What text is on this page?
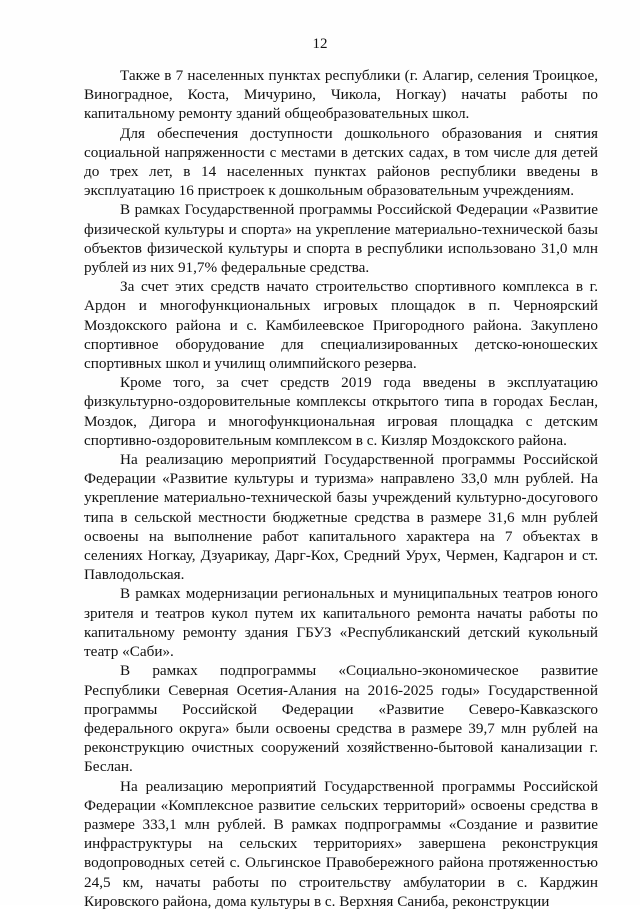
12

Также в 7 населенных пунктах республики (г. Алагир, селения Троицкое, Виноградное, Коста, Мичурино, Чикола, Ногкау) начаты работы по капитальному ремонту зданий общеобразовательных школ.

Для обеспечения доступности дошкольного образования и снятия социальной напряженности с местами в детских садах, в том числе для детей до трех лет, в 14 населенных пунктах районов республики введены в эксплуатацию 16 пристроек к дошкольным образовательным учреждениям.

В рамках Государственной программы Российской Федерации «Развитие физической культуры и спорта» на укрепление материально-технической базы объектов физической культуры и спорта в республики использовано 31,0 млн рублей из них 91,7% федеральные средства.

За счет этих средств начато строительство спортивного комплекса в г. Ардон и многофункциональных игровых площадок в п. Черноярский Моздокского района и с. Камбилеевское Пригородного района. Закуплено спортивное оборудование для специализированных детско-юношеских спортивных школ и училищ олимпийского резерва.

Кроме того, за счет средств 2019 года введены в эксплуатацию физкультурно-оздоровительные комплексы открытого типа в городах Беслан, Моздок, Дигора и многофункциональная игровая площадка с детским спортивно-оздоровительным комплексом в с. Кизляр Моздокского района.

На реализацию мероприятий Государственной программы Российской Федерации «Развитие культуры и туризма» направлено 33,0 млн рублей. На укрепление материально-технической базы учреждений культурно-досугового типа в сельской местности бюджетные средства в размере 31,6 млн рублей освоены на выполнение работ капитального характера на 7 объектах в селениях Ногкау, Дзуарикау, Дарг-Кох, Средний Урух, Чермен, Кадгарон и ст. Павлодольская.

В рамках модернизации региональных и муниципальных театров юного зрителя и театров кукол путем их капитального ремонта начаты работы по капитальному ремонту здания ГБУЗ «Республиканский детский кукольный театр «Саби».

В рамках подпрограммы «Социально-экономическое развитие Республики Северная Осетия-Алания на 2016-2025 годы» Государственной программы Российской Федерации «Развитие Северо-Кавказского федерального округа» были освоены средства в размере 39,7 млн рублей на реконструкцию очистных сооружений хозяйственно-бытовой канализации г. Беслан.

На реализацию мероприятий Государственной программы Российской Федерации «Комплексное развитие сельских территорий» освоены средства в размере 333,1 млн рублей. В рамках подпрограммы «Создание и развитие инфраструктуры на сельских территориях» завершена реконструкция водопроводных сетей с. Ольгинское Правобережного района протяженностью 24,5 км, начаты работы по строительству амбулатории в с. Карджин Кировского района, дома культуры в с. Верхняя Саниба, реконструкции
